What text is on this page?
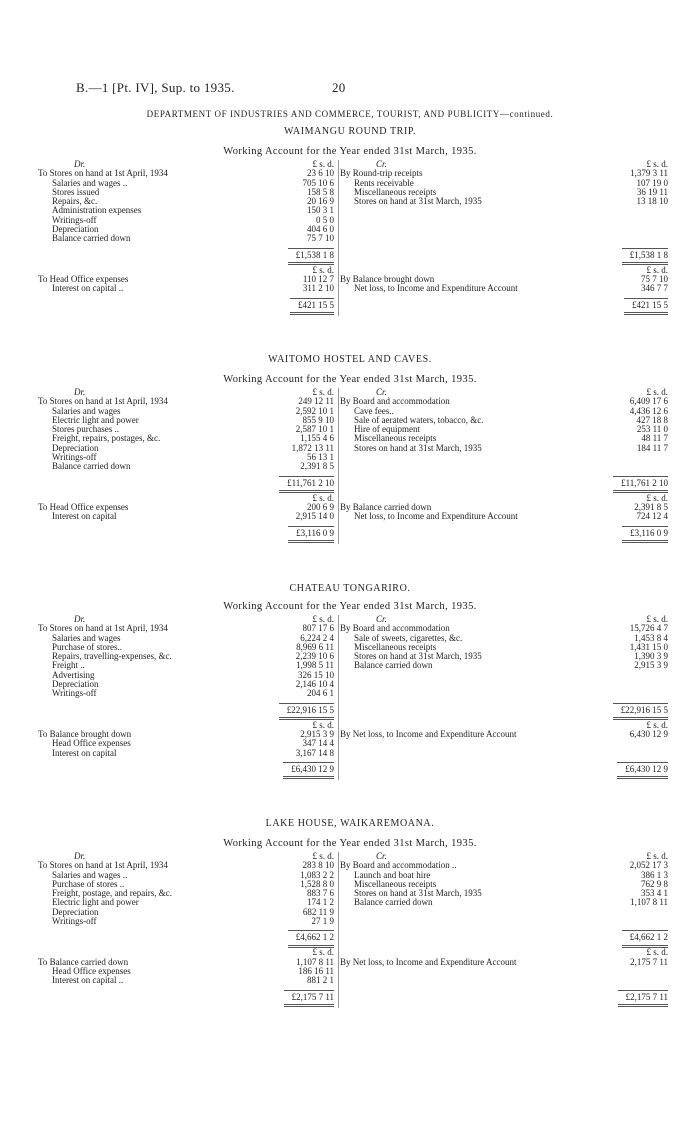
B.—1 [Pt. IV], Sup. to 1935.	20
DEPARTMENT OF INDUSTRIES AND COMMERCE, TOURIST, AND PUBLICITY—continued.
WAIMANGU ROUND TRIP.
Working Account for the Year ended 31st March, 1935.
Dr.	£ s. d.
To Stores on hand at 1st April, 1934	23 6 10
Salaries and wages ..	705 10 6
Stores issued	158 5 8
Repairs, &c.	20 16 9
Administration expenses	150 3 1
Writings-off	0 5 0
Depreciation	404 6 0
Balance carried down	75 7 10
£1,538 1 8
£ s. d.
To Head Office expenses	110 12 7
Interest on capital ..	311 2 10
£421 15 5
Cr.	£ s. d.
By Round-trip receipts	1,379 3 11
Rents receivable	107 19 0
Miscellaneous receipts	36 19 11
Stores on hand at 31st March, 1935	13 18 10
£1,538 1 8
£ s. d.
By Balance brought down	75 7 10
Net loss, to Income and Expenditure Account	346 7 7
£421 15 5
WAITOMO HOSTEL AND CAVES.
Working Account for the Year ended 31st March, 1935.
Dr.	£ s. d.
To Stores on hand at 1st April, 1934	249 12 11
Salaries and wages	2,592 10 1
Electric light and power	855 9 10
Stores purchases ..	2,587 10 1
Freight, repairs, postages, &c.	1,155 4 6
Depreciation	1,872 13 11
Writings-off	56 13 1
Balance carried down	2,391 8 5
£11,761 2 10
£ s. d.
To Head Office expenses	200 6 9
Interest on capital	2,915 14 0
£3,116 0 9
Cr.	£ s. d.
By Board and accommodation	6,409 17 6
Cave fees..	4,436 12 6
Sale of aerated waters, tobacco, &c.	427 18 8
Hire of equipment	253 11 0
Miscellaneous receipts	48 11 7
Stores on hand at 31st March, 1935	184 11 7
£11,761 2 10
£ s. d.
By Balance carried down	2,391 8 5
Net loss, to Income and Expenditure Account	724 12 4
£3,116 0 9
CHATEAU TONGARIRO.
Working Account for the Year ended 31st March, 1935.
Dr.	£ s. d.
To Stores on hand at 1st April, 1934	807 17 6
Salaries and wages	6,224 2 4
Purchase of stores..	8,969 6 11
Repairs, travelling-expenses, &c.	2,239 10 6
Freight ..	1,998 5 11
Advertising	326 15 10
Depreciation	2,146 10 4
Writings-off	204 6 1
£22,916 15 5
£ s. d.
To Balance brought down	2,915 3 9
Head Office expenses	347 14 4
Interest on capital	3,167 14 8
£6,430 12 9
Cr.	£ s. d.
By Board and accommodation	15,726 4 7
Sale of sweets, cigarettes, &c.	1,453 8 4
Miscellaneous receipts	1,431 15 0
Stores on hand at 31st March, 1935	1,390 3 9
Balance carried down	2,915 3 9
£22,916 15 5
£ s. d.
By Net loss, to Income and Expenditure Account	6,430 12 9
£6,430 12 9
LAKE HOUSE, WAIKAREMOANA.
Working Account for the Year ended 31st March, 1935.
Dr.	£ s. d.
To Stores on hand at 1st April, 1934	283 8 10
Salaries and wages ..	1,083 2 2
Purchase of stores ..	1,528 8 0
Freight, postage, and repairs, &c.	883 7 6
Electric light and power	174 1 2
Depreciation	682 11 9
Writings-off	27 1 9
£4,662 1 2
£ s. d.
To Balance carried down	1,107 8 11
Head Office expenses	186 16 11
Interest on capital ..	881 2 1
£2,175 7 11
Cr.	£ s. d.
By Board and accommodation ..	2,052 17 3
Launch and boat hire	386 1 3
Miscellaneous receipts	762 9 8
Stores on hand at 31st March, 1935	353 4 1
Balance carried down	1,107 8 11
£4,662 1 2
£ s. d.
By Net loss, to Income and Expenditure Account	2,175 7 11
£2,175 7 11
